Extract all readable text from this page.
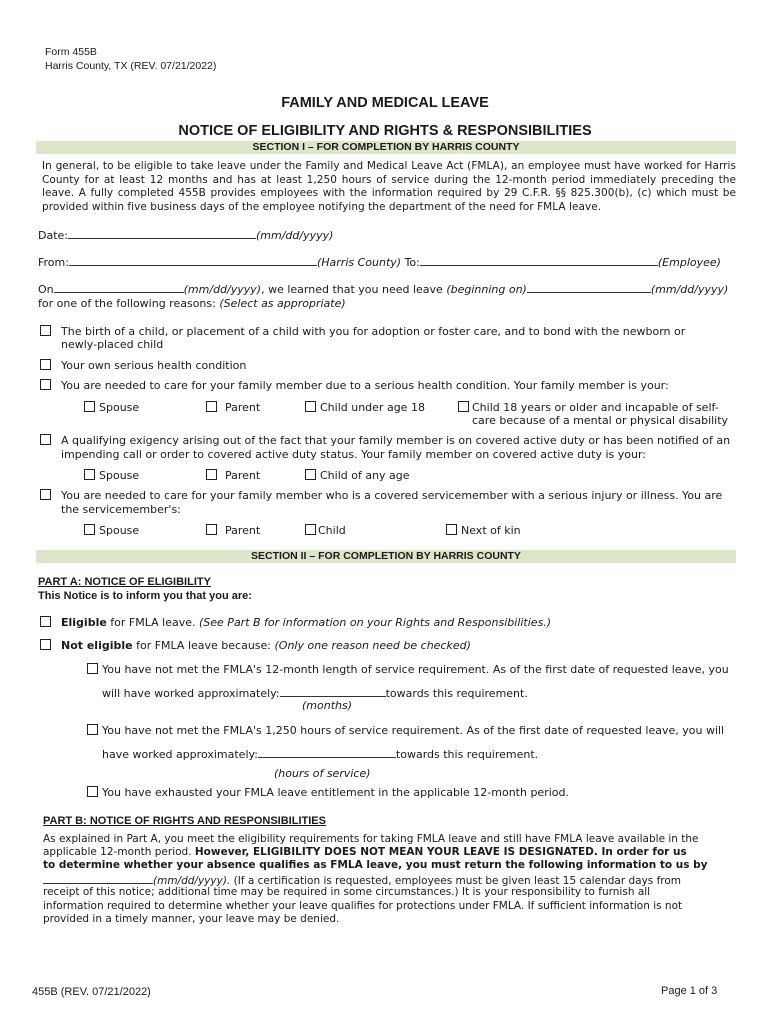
Form 455B
Harris County, TX (REV. 07/21/2022)
FAMILY AND MEDICAL LEAVE
NOTICE OF ELIGIBILITY AND RIGHTS & RESPONSIBILITIES
SECTION I – FOR COMPLETION BY HARRIS COUNTY
In general, to be eligible to take leave under the Family and Medical Leave Act (FMLA), an employee must have worked for Harris County for at least 12 months and has at least 1,250 hours of service during the 12-month period immediately preceding the leave. A fully completed 455B provides employees with the information required by 29 C.F.R. §§ 825.300(b), (c) which must be provided within five business days of the employee notifying the department of the need for FMLA leave.
Date:	(mm/dd/yyyy)
From:	(Harris County) To:	(Employee)
On	(mm/dd/yyyy), we learned that you need leave (beginning on)	(mm/dd/yyyy)
for one of the following reasons: (Select as appropriate)
The birth of a child, or placement of a child with you for adoption or foster care, and to bond with the newborn or
newly-placed child
Your own serious health condition
You are needed to care for your family member due to a serious health condition. Your family member is your:
Spouse	Parent	Child under age 18	Child 18 years or older and incapable of self-
care because of a mental or physical disability
A qualifying exigency arising out of the fact that your family member is on covered active duty or has been notified of an
impending call or order to covered active duty status. Your family member on covered active duty is your:
Spouse	Parent	Child of any age
You are needed to care for your family member who is a covered servicemember with a serious injury or illness. You are
the servicemember's:
Spouse	Parent	Child	Next of kin
SECTION II – FOR COMPLETION BY HARRIS COUNTY
PART A: NOTICE OF ELIGIBILITY
This Notice is to inform you that you are:
Eligible for FMLA leave. (See Part B for information on your Rights and Responsibilities.)
Not eligible for FMLA leave because: (Only one reason need be checked)
You have not met the FMLA's 12-month length of service requirement. As of the first date of requested leave, you
will have worked approximately:	towards this requirement.
(months)
You have not met the FMLA's 1,250 hours of service requirement. As of the first date of requested leave, you will
have worked approximately:	towards this requirement.
(hours of service)
You have exhausted your FMLA leave entitlement in the applicable 12-month period.
PART B: NOTICE OF RIGHTS AND RESPONSIBILITIES
As explained in Part A, you meet the eligibility requirements for taking FMLA leave and still have FMLA leave available in the
applicable 12-month period. However, ELIGIBILITY DOES NOT MEAN YOUR LEAVE IS DESIGNATED. In order for us
to determine whether your absence qualifies as FMLA leave, you must return the following information to us by
(mm/dd/yyyy). (If a certification is requested, employees must be given least 15 calendar days from
receipt of this notice; additional time may be required in some circumstances.) It is your responsibility to furnish all
information required to determine whether your leave qualifies for protections under FMLA. If sufficient information is not
provided in a timely manner, your leave may be denied.
455B (REV. 07/21/2022)	Page 1 of 3
